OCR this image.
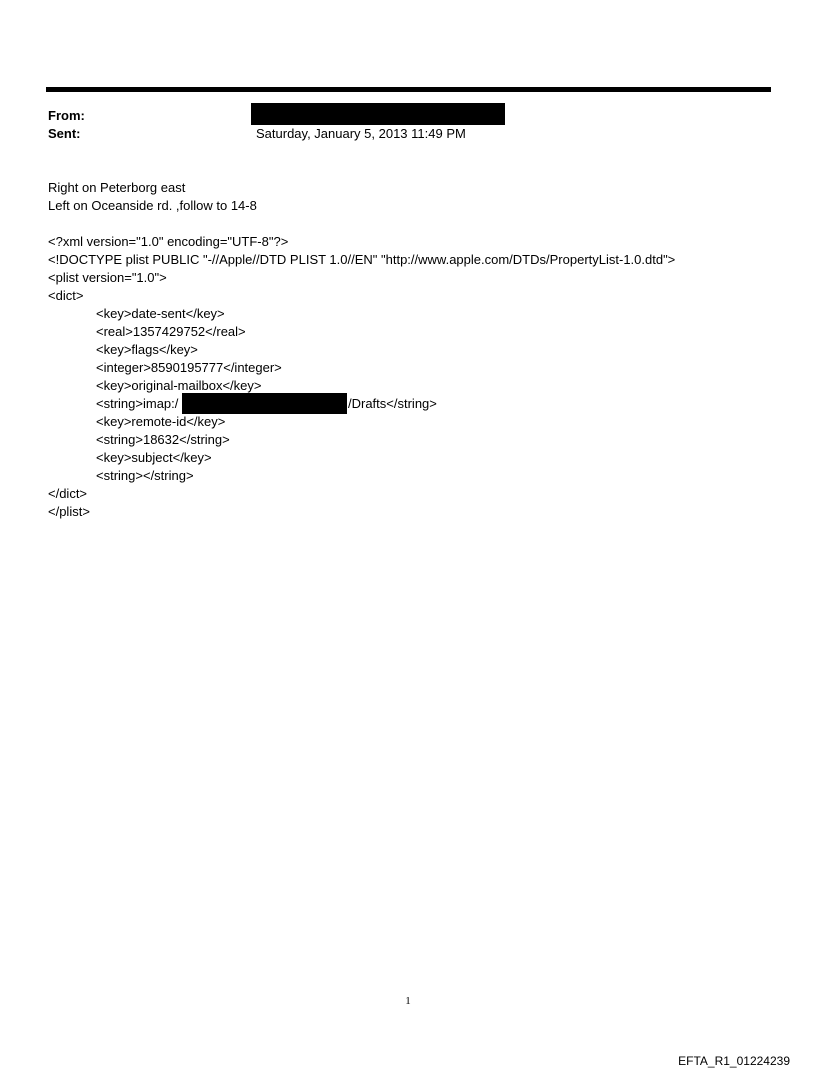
From:
Sent:	Saturday, January 5, 2013 11:49 PM
Right on Peterborg east
Left on Oceanside rd. ,follow to 14-8
<?xml version="1.0" encoding="UTF-8"?>
<!DOCTYPE plist PUBLIC "-//Apple//DTD PLIST 1.0//EN" "http://www.apple.com/DTDs/PropertyList-1.0.dtd">
<plist version="1.0">
<dict>
<key>date-sent</key>
<real>1357429752</real>
<key>flags</key>
<integer>8590195777</integer>
<key>original-mailbox</key>
<string>imap:/	/Drafts</string>
<key>remote-id</key>
<string>18632</string>
<key>subject</key>
<string></string>
</dict>
</plist>
1
EFTA_R1_01224239
